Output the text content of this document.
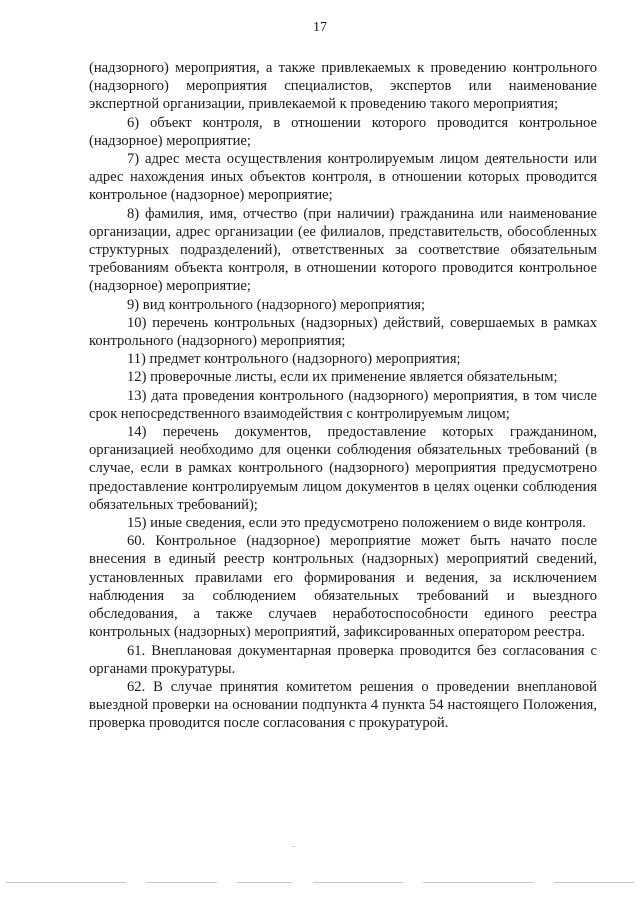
17

(надзорного) мероприятия, а также привлекаемых к проведению контрольного (надзорного) мероприятия специалистов, экспертов или наименование экспертной организации, привлекаемой к проведению такого мероприятия;

6) объект контроля, в отношении которого проводится контрольное (надзорное) мероприятие;

7) адрес места осуществления контролируемым лицом деятельности или адрес нахождения иных объектов контроля, в отношении которых проводится контрольное (надзорное) мероприятие;

8) фамилия, имя, отчество (при наличии) гражданина или наименование организации, адрес организации (ее филиалов, представительств, обособленных структурных подразделений), ответственных за соответствие обязательным требованиям объекта контроля, в отношении которого проводится контрольное (надзорное) мероприятие;

9) вид контрольного (надзорного) мероприятия;

10) перечень контрольных (надзорных) действий, совершаемых в рамках контрольного (надзорного) мероприятия;

11) предмет контрольного (надзорного) мероприятия;

12) проверочные листы, если их применение является обязательным;

13) дата проведения контрольного (надзорного) мероприятия, в том числе срок непосредственного взаимодействия с контролируемым лицом;

14) перечень документов, предоставление которых гражданином, организацией необходимо для оценки соблюдения обязательных требований (в случае, если в рамках контрольного (надзорного) мероприятия предусмотрено предоставление контролируемым лицом документов в целях оценки соблюдения обязательных требований);

15) иные сведения, если это предусмотрено положением о виде контроля.

60. Контрольное (надзорное) мероприятие может быть начато после внесения в единый реестр контрольных (надзорных) мероприятий сведений, установленных правилами его формирования и ведения, за исключением наблюдения за соблюдением обязательных требований и выездного обследования, а также случаев неработоспособности единого реестра контрольных (надзорных) мероприятий, зафиксированных оператором реестра.

61. Внеплановая документарная проверка проводится без согласования с органами прокуратуры.

62. В случае принятия комитетом решения о проведении внеплановой выездной проверки на основании подпункта 4 пункта 54 настоящего Положения, проверка проводится после согласования с прокуратурой.
